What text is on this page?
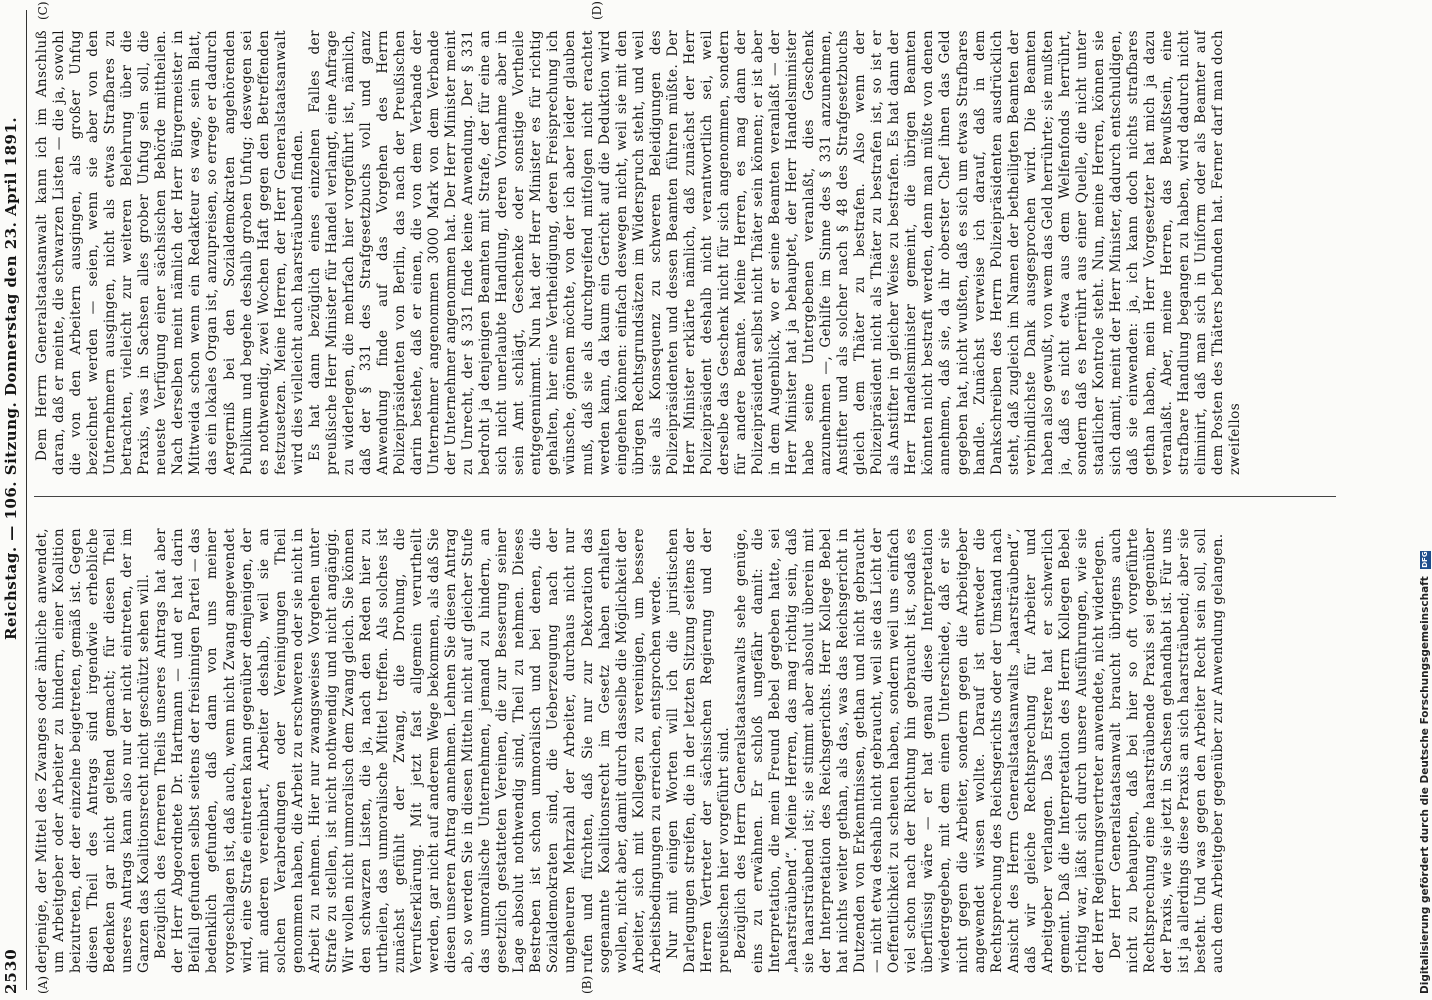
2530
Reichstag. — 106. Sitzung. Donnerstag den 23. April 1891.
(A)	(B)
(C)	(D)

derjenige, der Mittel des Zwanges oder ähnliche anwendet, um Arbeitgeber oder Arbeiter zu hindern, einer Koalition beizutreten, der der einzelne beigetreten, gemäß ist. Gegen diesen Theil des Antrags sind irgendwie erhebliche Bedenken gar nicht geltend gemacht; für diesen Theil unseres Antrags kann also nur der nicht eintreten, der im Ganzen das Koalitionsrecht nicht geschützt sehen will. Bezüglich des ferneren Theils unseres Antrags hat aber der Herr Abgeordnete Dr. Hartmann — und er hat darin Beifall gefunden selbst seitens der freisinnigen Partei — das bedenklich gefunden, daß dann von uns meiner vorgeschlagen ist, daß auch, wenn nicht Zwang angewendet wird, eine Strafe eintreten kann gegenüber demjenigen, der mit anderen vereinbart, Arbeiter deshalb, weil sie an solchen Verabredungen oder Vereinigungen Theil genommen haben, die Arbeit zu erschweren oder sie nicht in Arbeit zu nehmen. Hier nur zwangsweises Vorgehen unter Strafe zu stellen, ist nicht nothwendig und nicht angängig. Wir wollen nicht unmoralisch dem Zwang gleich. Sie können den schwarzen Listen, die ja, nach den Reden hier zu urtheilen, das unmoralische Mittel treffen. Als solches ist zunächst gefühlt der Zwang, die Drohung, die Verrufserklärung. Mit jetzt fast allgemein verurtheilt werden, gar nicht auf anderem Wege bekommen, als daß Sie diesen unseren Antrag annehmen. Lehnen Sie diesen Antrag ab, so werden Sie in diesen Mitteln nicht auf gleicher Stufe das unmoralische Unternehmen, jemand zu hindern, an gesetzlich gestatteten Vereinen, die zur Besserung seiner Lage absolut nothwendig sind, Theil zu nehmen. Dieses Bestreben ist schon unmoralisch und bei denen, die Sozialdemokraten sind, die Ueberzeugung nach der ungeheuren Mehrzahl der Arbeiter, durchaus nicht nur rufen und fürchten, daß Sie nur zur Dekoration das sogenannte Koalitionsrecht im Gesetz haben erhalten wollen, nicht aber, damit durch dasselbe die Möglichkeit der Arbeiter, sich mit Kollegen zu vereinigen, um bessere Arbeitsbedingungen zu erreichen, entsprochen werde. Nur mit einigen Worten will ich die juristischen Darlegungen streifen, die in der letzten Sitzung seitens der Herren Vertreter der sächsischen Regierung und der preußischen hier vorgeführt sind. Bezüglich des Herrn Generalstaatsanwalts sehe genüge, eins zu erwähnen. Er schloß ungefähr damit: die Interpretation, die mein Freund Bebel gegeben hatte, sei „haarsträubend“. Meine Herren, das mag richtig sein, daß sie haarsträubend ist; sie stimmt aber absolut überein mit der Interpretation des Reichsgerichts. Herr Kollege Bebel hat nichts weiter gethan, als das, was das Reichsgericht in Dutzenden von Erkenntnissen, gethan und nicht gebraucht — nicht etwa deshalb nicht gebraucht, weil sie das Licht der Oeffentlichkeit zu scheuen haben, sondern weil uns einfach viel schon nach der Richtung hin gebraucht ist, sodaß es überflüssig wäre — er hat genau diese Interpretation wiedergegeben, mit dem einen Unterschiede, daß er sie nicht gegen die Arbeiter, sondern gegen die Arbeitgeber angewendet wissen wollte. Darauf ist entweder die Rechtsprechung des Reichsgerichts oder der Umstand nach Ansicht des Herrn Generalstaatsanwalts „haarsträubend“, daß wir gleiche Rechtsprechung für Arbeiter und Arbeitgeber verlangen. Das Erstere hat er schwerlich gemeint. Daß die Interpretation des Herrn Kollegen Bebel richtig war, läßt sich durch unsere Ausführungen, wie sie der Herr Regierungsvertreter anwendete, nicht widerlegen. Der Herr Generalstaatsanwalt braucht übrigens auch nicht zu behaupten, daß bei hier so oft vorgeführte Rechtsprechung eine haarsträubende Praxis sei gegenüber der Praxis, wie sie jetzt in Sachsen gehandhabt ist. Für uns ist ja allerdings diese Praxis an sich haarsträubend; aber sie besteht. Und was gegen den Arbeiter Recht sein soll, soll auch dem Arbeitgeber gegenüber zur Anwendung gelangen.

Dem Herrn Generalstaatsanwalt kann ich im Anschluß daran, daß er meinte, die schwarzen Listen — die ja, sowohl die von den Arbeitern ausgingen, als großer Unfug bezeichnet werden — seien, wenn sie aber von den Unternehmern ausgingen, nicht als etwas Strafbares zu betrachten, vielleicht zur weiteren Belehrung über die Praxis, was in Sachsen alles grober Unfug sein soll, die neueste Verfügung einer sächsischen Behörde mittheilen. Nach derselben meint nämlich der Herr Bürgermeister in Mittweida schon wenn ein Redakteur es wage, sein Blatt, das ein lokales Organ ist, anzupreisen, so errege er dadurch Aergerniß bei den Sozialdemokraten angehörenden Publikum und begehe deshalb groben Unfug; deswegen sei es nothwendig, zwei Wochen Haft gegen den Betreffenden festzusetzen. Meine Herren, der Herr Generalstaatsanwalt wird dies vielleicht auch haarsträubend finden. Es hat dann bezüglich eines einzelnen Falles der preußische Herr Minister für Handel verlangt, eine Anfrage zu widerlegen, die mehrfach hier vorgeführt ist, nämlich, daß der § 331 des Strafgesetzbuchs voll und ganz Anwendung finde auf das Vorgehen des Herrn Polizeipräsidenten von Berlin, das nach der Preußischen darin bestehe, daß er einen, die von dem Verbande der Unternehmer angenommen 3000 Mark von dem Verbande der Unternehmer angenommen hat. Der Herr Minister meint zu Unrecht, der § 331 finde keine Anwendung. Der § 331 bedroht ja denjenigen Beamten mit Strafe, der für eine an sich nicht unerlaubte Handlung, deren Vornahme aber in sein Amt schlägt, Geschenke oder sonstige Vortheile entgegennimmt. Nun hat der Herr Minister es für richtig gehalten, hier eine Vertheidigung, deren Freisprechung ich wünsche, gönnen möchte, von der ich aber leider glauben muß, daß sie als durchgreifend mitfolgen nicht erachtet werden kann, da kaum ein Gericht auf die Deduktion wird eingehen können: einfach deswegen nicht, weil sie mit den übrigen Rechtsgrundsätzen im Widerspruch steht, und weil sie als Konsequenz zu schweren Beleidigungen des Polizeipräsidenten und dessen Beamten führen müßte. Der Herr Minister erklärte nämlich, daß zunächst der Herr Polizeipräsident deshalb nicht verantwortlich sei, weil derselbe das Geschenk nicht für sich angenommen, sondern für andere Beamte. Meine Herren, es mag dann der Polizeipräsident selbst nicht Thäter sein können; er ist aber in dem Augenblick, wo er seine Beamten veranlaßt — der Herr Minister hat ja behauptet, der Herr Handelsminister habe seine Untergebenen veranlaßt, dies Geschenk anzunehmen —, Gehilfe im Sinne des § 331 anzunehmen, Anstifter und als solcher nach § 48 des Strafgesetzbuchs gleich dem Thäter zu bestrafen. Also wenn der Polizeipräsident nicht als Thäter zu bestrafen ist, so ist er als Anstifter in gleicher Weise zu bestrafen. Es hat dann der Herr Handelsminister gemeint, die übrigen Beamten könnten nicht bestraft werden, denn man müßte von denen annehmen, daß sie, da ihr oberster Chef ihnen das Geld gegeben hat, nicht wußten, daß es sich um etwas Strafbares handle. Zunächst verweise ich darauf, daß in dem Dankschreiben des Herrn Polizeipräsidenten ausdrücklich steht, daß zugleich im Namen der betheiligten Beamten der verbindlichste Dank ausgesprochen wird. Die Beamten haben also gewußt, von wem das Geld herrührte; sie mußten ja, daß es nicht etwa aus dem Welfenfonds herrührt, sondern daß es herrührt aus einer Quelle, die nicht unter staatlicher Kontrole steht. Nun, meine Herren, können sie sich damit, meint der Herr Minister, dadurch entschuldigen, daß sie einwenden: ja, ich kann doch nichts strafbares gethan haben, mein Herr Vorgesetzter hat mich ja dazu veranlaßt. Aber, meine Herren, das Bewußtsein, eine strafbare Handlung begangen zu haben, wird dadurch nicht eliminirt, daß man sich in Uniform oder als Beamter auf dem Posten des Thäters befunden hat. Ferner darf man doch zweifellos

Digitalisierung gefördert durch die Deutsche Forschungsgemeinschaft DFG
